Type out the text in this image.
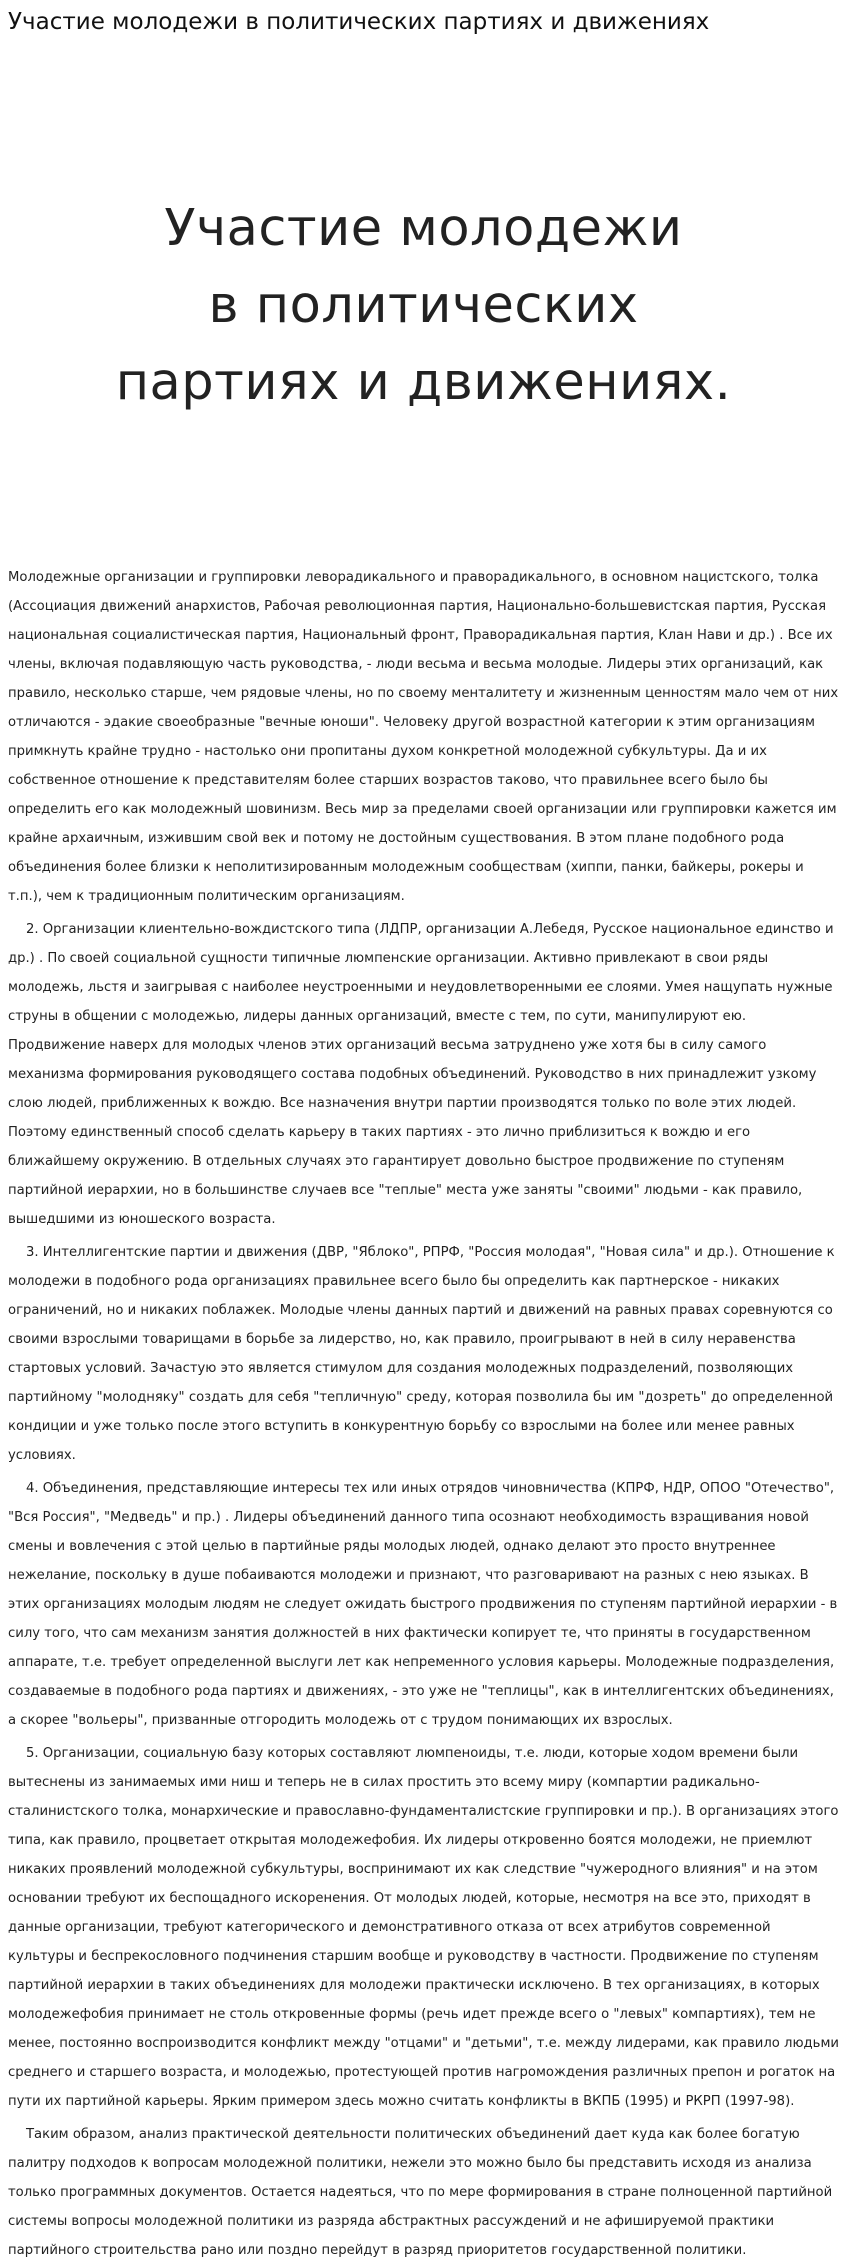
Участие молодежи в политических партиях и движениях
Участие молодежи
в политических
партиях и движениях.

Молодежные организации и группировки леворадикального и праворадикального, в основном нацистского, толка (Ассоциация движений анархистов, Рабочая революционная партия, Национально-большевистская партия, Русская национальная социалистическая партия, Национальный фронт, Праворадикальная партия, Клан Нави и др.) . Все их члены, включая подавляющую часть руководства, - люди весьма и весьма молодые. Лидеры этих организаций, как правило, несколько старше, чем рядовые члены, но по своему менталитету и жизненным ценностям мало чем от них отличаются - эдакие своеобразные "вечные юноши". Человеку другой возрастной категории к этим организациям примкнуть крайне трудно - настолько они пропитаны духом конкретной молодежной субкультуры. Да и их собственное отношение к представителям более старших возрастов таково, что правильнее всего было бы определить его как молодежный шовинизм. Весь мир за пределами своей организации или группировки кажется им крайне архаичным, изжившим свой век и потому не достойным существования. В этом плане подобного рода объединения более близки к неполитизированным молодежным сообществам (хиппи, панки, байкеры, рокеры и т.п.), чем к традиционным политическим организациям.

2. Организации клиентельно-вождистского типа (ЛДПР, организации А.Лебедя, Русское национальное единство и др.) . По своей социальной сущности типичные люмпенские организации. Активно привлекают в свои ряды молодежь, льстя и заигрывая с наиболее неустроенными и неудовлетворенными ее слоями. Умея нащупать нужные струны в общении с молодежью, лидеры данных организаций, вместе с тем, по сути, манипулируют ею. Продвижение наверх для молодых членов этих организаций весьма затруднено уже хотя бы в силу самого механизма формирования руководящего состава подобных объединений. Руководство в них принадлежит узкому слою людей, приближенных к вождю. Все назначения внутри партии производятся только по воле этих людей. Поэтому единственный способ сделать карьеру в таких партиях - это лично приблизиться к вождю и его ближайшему окружению. В отдельных случаях это гарантирует довольно быстрое продвижение по ступеням партийной иерархии, но в большинстве случаев все "теплые" места уже заняты "своими" людьми - как правило, вышедшими из юношеского возраста.

3. Интеллигентские партии и движения (ДВР, "Яблоко", РПРФ, "Россия молодая", "Новая сила" и др.). Отношение к молодежи в подобного рода организациях правильнее всего было бы определить как партнерское - никаких ограничений, но и никаких поблажек. Молодые члены данных партий и движений на равных правах соревнуются со своими взрослыми товарищами в борьбе за лидерство, но, как правило, проигрывают в ней в силу неравенства стартовых условий. Зачастую это является стимулом для создания молодежных подразделений, позволяющих партийному "молодняку" создать для себя "тепличную" среду, которая позволила бы им "дозреть" до определенной кондиции и уже только после этого вступить в конкурентную борьбу со взрослыми на более или менее равных условиях.

4. Объединения, представляющие интересы тех или иных отрядов чиновничества (КПРФ, НДР, ОПОО "Отечество", "Вся Россия", "Медведь" и пр.) . Лидеры объединений данного типа осознают необходимость взращивания новой смены и вовлечения с этой целью в партийные ряды молодых людей, однако делают это просто внутреннее нежелание, поскольку в душе побаиваются молодежи и признают, что разговаривают на разных с нею языках. В этих организациях молодым людям не следует ожидать быстрого продвижения по ступеням партийной иерархии - в силу того, что сам механизм занятия должностей в них фактически копирует те, что приняты в государственном аппарате, т.е. требует определенной выслуги лет как непременного условия карьеры. Молодежные подразделения, создаваемые в подобного рода партиях и движениях, - это уже не "теплицы", как в интеллигентских объединениях, а скорее "вольеры", призванные отгородить молодежь от с трудом понимающих их взрослых.

5. Организации, социальную базу которых составляют люмпеноиды, т.е. люди, которые ходом времени были вытеснены из занимаемых ими ниш и теперь не в силах простить это всему миру (компартии радикально-сталинистского толка, монархические и православно-фундаменталистские группировки и пр.). В организациях этого типа, как правило, процветает открытая молодежефобия. Их лидеры откровенно боятся молодежи, не приемлют никаких проявлений молодежной субкультуры, воспринимают их как следствие "чужеродного влияния" и на этом основании требуют их беспощадного искоренения. От молодых людей, которые, несмотря на все это, приходят в данные организации, требуют категорического и демонстративного отказа от всех атрибутов современной культуры и беспрекословного подчинения старшим вообще и руководству в частности. Продвижение по ступеням партийной иерархии в таких объединениях для молодежи практически исключено. В тех организациях, в которых молодежефобия принимает не столь откровенные формы (речь идет прежде всего о "левых" компартиях), тем не менее, постоянно воспроизводится конфликт между "отцами" и "детьми", т.е. между лидерами, как правило людьми среднего и старшего возраста, и молодежью, протестующей против нагромождения различных препон и рогаток на пути их партийной карьеры. Ярким примером здесь можно считать конфликты в ВКПБ (1995) и РКРП (1997-98).

Таким образом, анализ практической деятельности политических объединений дает куда как более богатую палитру подходов к вопросам молодежной политики, нежели это можно было бы представить исходя из анализа только программных документов. Остается надеяться, что по мере формирования в стране полноценной партийной системы вопросы молодежной политики из разряда абстрактных рассуждений и не афишируемой практики партийного строительства рано или поздно перейдут в разряд приоритетов государственной политики.
